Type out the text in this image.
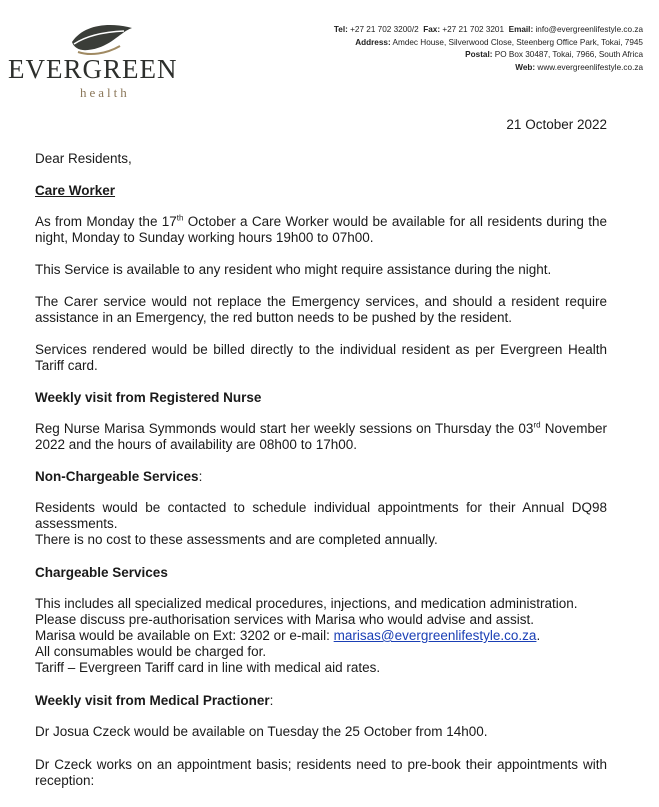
EVERGREEN
health
Tel: +27 21 702 3200/2 Fax: +27 21 702 3201 Email: info@evergreenlifestyle.co.za
Address: Amdec House, Silverwood Close, Steenberg Office Park, Tokai, 7945
Postal: PO Box 30487, Tokai, 7966, South Africa
Web: www.evergreenlifestyle.co.za
21 October 2022
Dear Residents,
Care Worker

As from Monday the 17th October a Care Worker would be available for all residents during the night, Monday to Sunday working hours 19h00 to 07h00.

This Service is available to any resident who might require assistance during the night.

The Carer service would not replace the Emergency services, and should a resident require assistance in an Emergency, the red button needs to be pushed by the resident.

Services rendered would be billed directly to the individual resident as per Evergreen Health Tariff card.

Weekly visit from Registered Nurse

Reg Nurse Marisa Symmonds would start her weekly sessions on Thursday the 03rd November 2022 and the hours of availability are 08h00 to 17h00.

Non-Chargeable Services:

Residents would be contacted to schedule individual appointments for their Annual DQ98 assessments.

There is no cost to these assessments and are completed annually.

Chargeable Services

This includes all specialized medical procedures, injections, and medication administration.

Please discuss pre-authorisation services with Marisa who would advise and assist.

Marisa would be available on Ext: 3202 or e-mail: marisas@evergreenlifestyle.co.za.

All consumables would be charged for.

Tariff – Evergreen Tariff card in line with medical aid rates.

Weekly visit from Medical Practioner:

Dr Josua Czeck would be available on Tuesday the 25 October from 14h00.

Dr Czeck works on an appointment basis; residents need to pre-book their appointments with reception:
